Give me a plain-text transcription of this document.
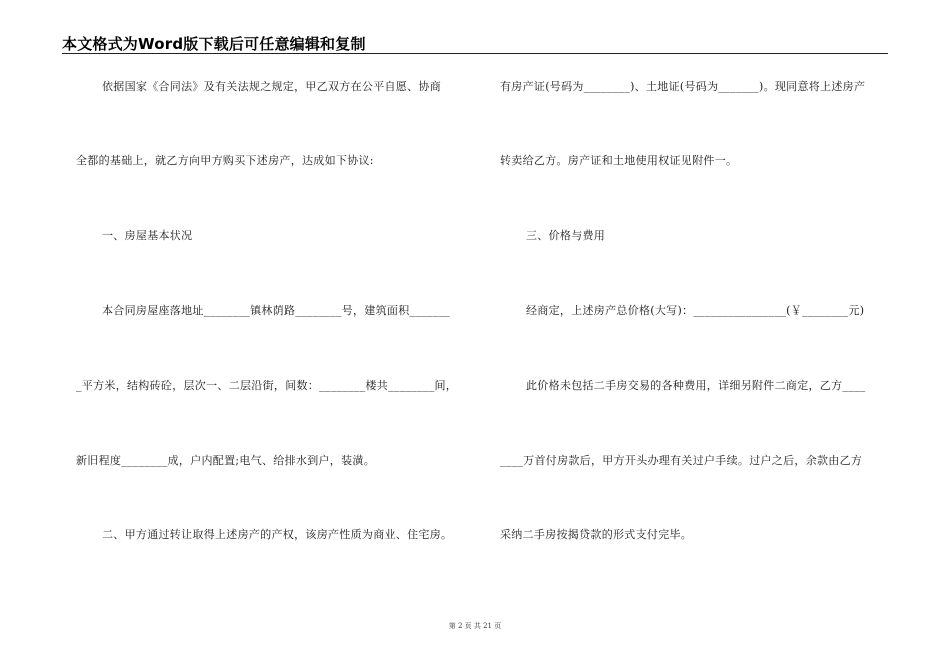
本文格式为Word版下载后可任意编辑和复制
依据国家《合同法》及有关法规之规定，甲乙双方在公平自愿、协商
全都的基础上，就乙方向甲方购买下述房产，达成如下协议:
一、房屋基本状况
本合同房屋座落地址________镇林荫路________号，建筑面积_______
_平方米，结构砖砼，层次一、二层沿街，间数：________楼共________间，
新旧程度________成，户内配置;电气、给排水到户，装潢。
二、甲方通过转让取得上述房产的产权，该房产性质为商业、住宅房。
有房产证(号码为________)、土地证(号码为_______)。现同意将上述房产
转卖给乙方。房产证和土地使用权证见附件一。
三、价格与费用
经商定，上述房产总价格(大写)：________________(￥________元)
此价格未包括二手房交易的各种费用，详细另附件二商定，乙方____
____万首付房款后，甲方开头办理有关过户手续。过户之后，余款由乙方
采纳二手房按揭贷款的形式支付完毕。
第 2 页 共 21 页
